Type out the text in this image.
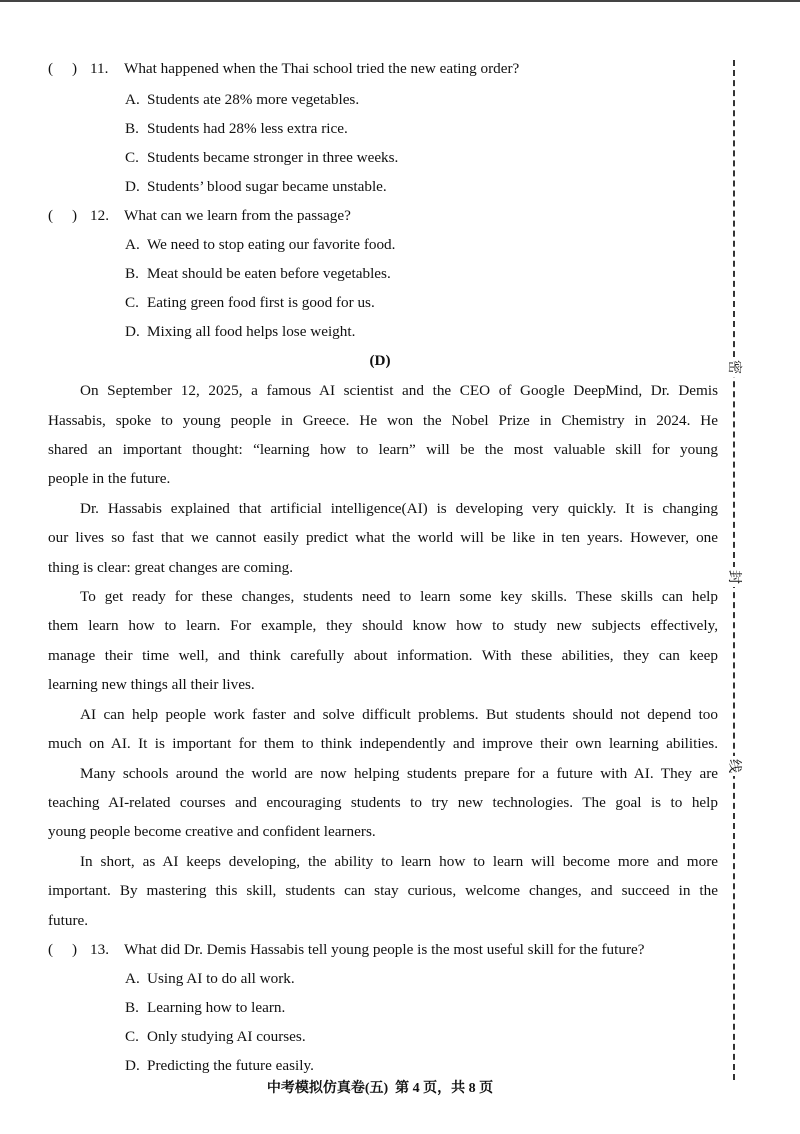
( ) 11. What happened when the Thai school tried the new eating order?
A. Students ate 28% more vegetables.
B. Students had 28% less extra rice.
C. Students became stronger in three weeks.
D. Students’ blood sugar became unstable.
( ) 12. What can we learn from the passage?
A. We need to stop eating our favorite food.
B. Meat should be eaten before vegetables.
C. Eating green food first is good for us.
D. Mixing all food helps lose weight.
(D)
On September 12, 2025, a famous AI scientist and the CEO of Google DeepMind, Dr. Demis
Hassabis, spoke to young people in Greece. He won the Nobel Prize in Chemistry in 2024. He
shared an important thought: “learning how to learn” will be the most valuable skill for young
people in the future.
Dr. Hassabis explained that artificial intelligence(AI) is developing very quickly. It is changing
our lives so fast that we cannot easily predict what the world will be like in ten years. However, one
thing is clear: great changes are coming.
To get ready for these changes, students need to learn some key skills. These skills can help
them learn how to learn. For example, they should know how to study new subjects effectively,
manage their time well, and think carefully about information. With these abilities, they can keep
learning new things all their lives.
AI can help people work faster and solve difficult problems. But students should not depend too
much on AI. It is important for them to think independently and improve their own learning abilities.
Many schools around the world are now helping students prepare for a future with AI. They are
teaching AI-related courses and encouraging students to try new technologies. The goal is to help
young people become creative and confident learners.
In short, as AI keeps developing, the ability to learn how to learn will become more and more
important. By mastering this skill, students can stay curious, welcome changes, and succeed in the
future.
( ) 13. What did Dr. Demis Hassabis tell young people is the most useful skill for the future?
A. Using AI to do all work.
B. Learning how to learn.
C. Only studying AI courses.
D. Predicting the future easily.
中考模拟仿真卷(五)  第 4 页，共 8 页
密
封
线
